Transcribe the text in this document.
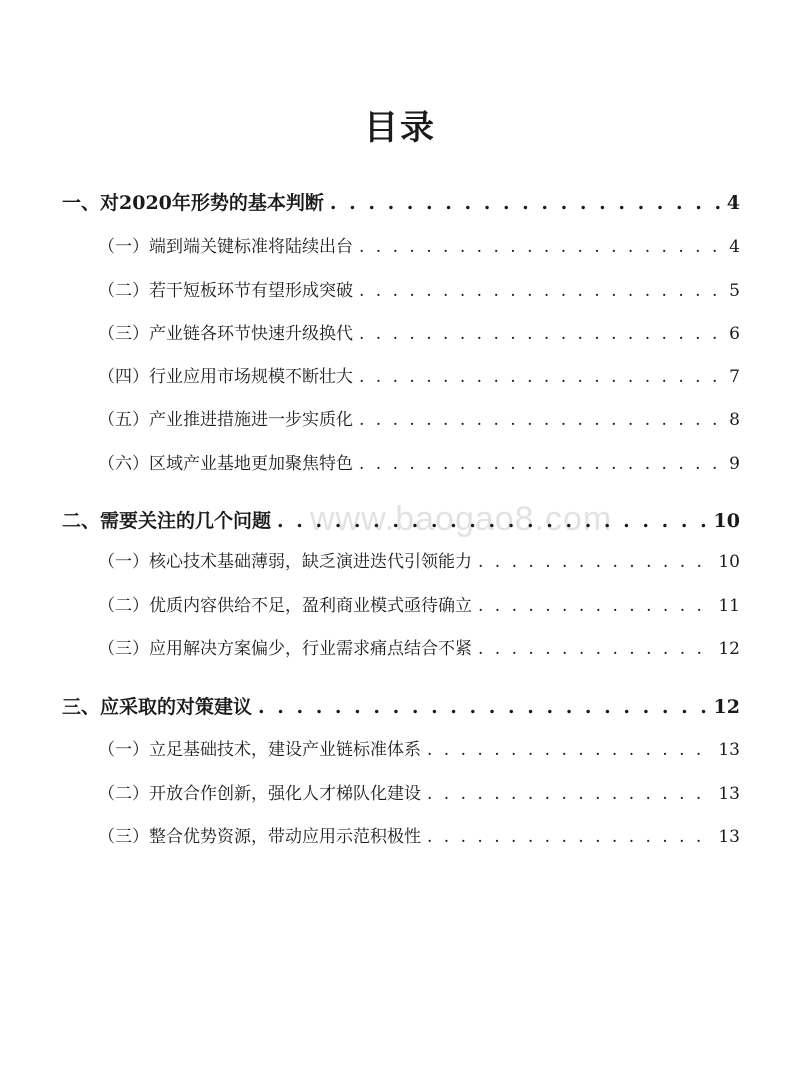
目录
www.baogao8.com
一、对2020年形势的基本判断 . . .	4
（一）端到端关键标准将陆续出台 . . .	4
（二）若干短板环节有望形成突破 . . .	5
（三）产业链各环节快速升级换代 . . .	6
（四）行业应用市场规模不断壮大 . . .	7
（五）产业推进措施进一步实质化 . . .	8
（六）区域产业基地更加聚焦特色 . . .	9
二、需要关注的几个问题 . . .	10
（一）核心技术基础薄弱，缺乏演进迭代引领能力 . . .	10
（二）优质内容供给不足，盈利商业模式亟待确立 . . .	11
（三）应用解决方案偏少，行业需求痛点结合不紧 . . .	12
三、应采取的对策建议 . . .	12
（一）立足基础技术，建设产业链标准体系 . . .	13
（二）开放合作创新，强化人才梯队化建设 . . .	13
（三）整合优势资源，带动应用示范积极性 . . .	13
